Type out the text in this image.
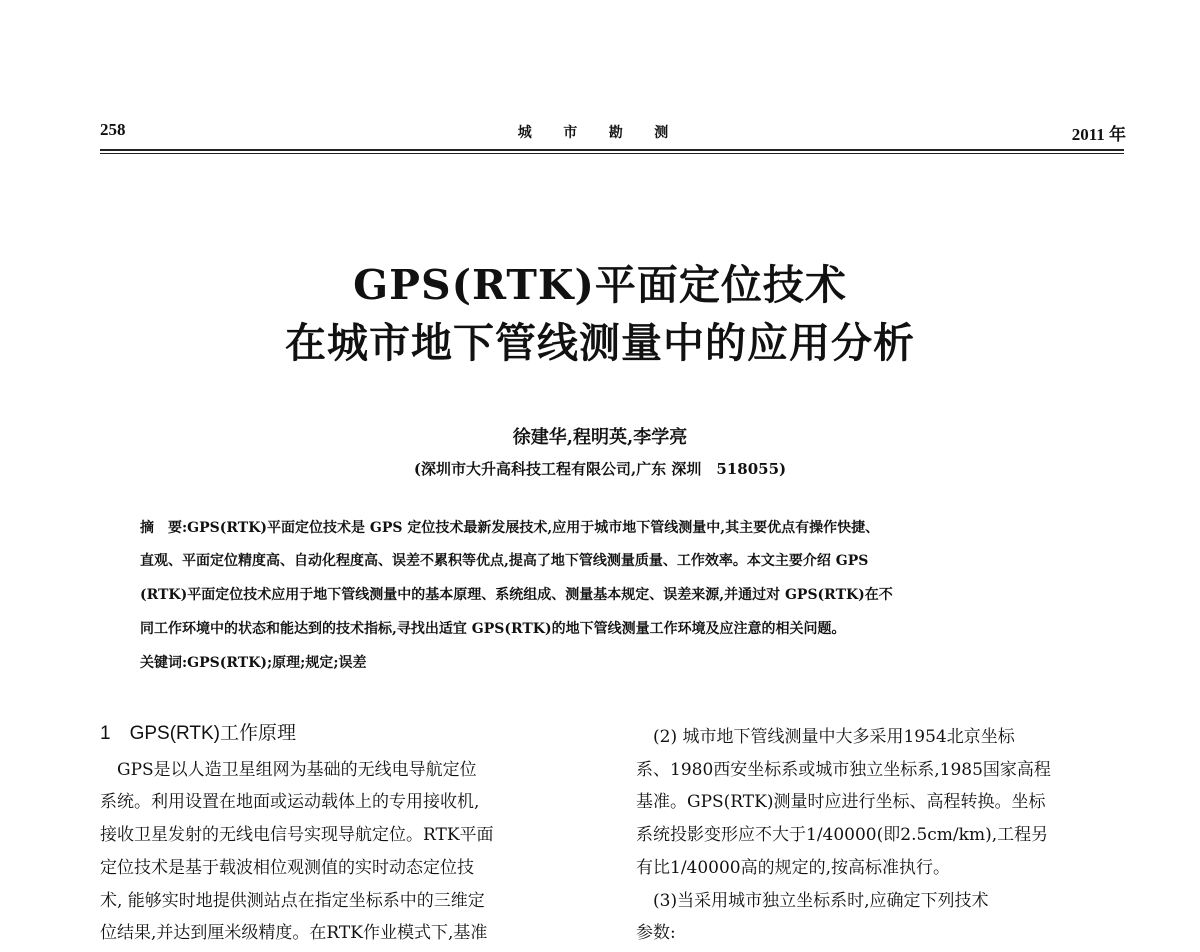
258	城 市 勘 测	2011 年
GPS(RTK)平面定位技术
在城市地下管线测量中的应用分析
徐建华,程明英,李学亮
(深圳市大升高科技工程有限公司,广东 深圳　518055)
摘　要:GPS(RTK)平面定位技术是 GPS 定位技术最新发展技术,应用于城市地下管线测量中,其主要优点有操作快捷、
直观、平面定位精度高、自动化程度高、误差不累积等优点,提高了地下管线测量质量、工作效率。本文主要介绍 GPS
(RTK)平面定位技术应用于地下管线测量中的基本原理、系统组成、测量基本规定、误差来源,并通过对 GPS(RTK)在不
同工作环境中的状态和能达到的技术指标,寻找出适宜 GPS(RTK)的地下管线测量工作环境及应注意的相关问题。
关键词:GPS(RTK);原理;规定;误差
1　GPS(RTK)工作原理
　GPS是以人造卫星组网为基础的无线电导航定位
系统。利用设置在地面或运动载体上的专用接收机,
接收卫星发射的无线电信号实现导航定位。RTK平面
定位技术是基于载波相位观测值的实时动态定位技
术, 能够实时地提供测站点在指定坐标系中的三维定
位结果,并达到厘米级精度。在RTK作业模式下,基准
　(2) 城市地下管线测量中大多采用1954北京坐标
系、1980西安坐标系或城市独立坐标系,1985国家高程
基准。GPS(RTK)测量时应进行坐标、高程转换。坐标
系统投影变形应不大于1/40000(即2.5cm/km),工程另
有比1/40000高的规定的,按高标准执行。
　(3)当采用城市独立坐标系时,应确定下列技术
参数:
